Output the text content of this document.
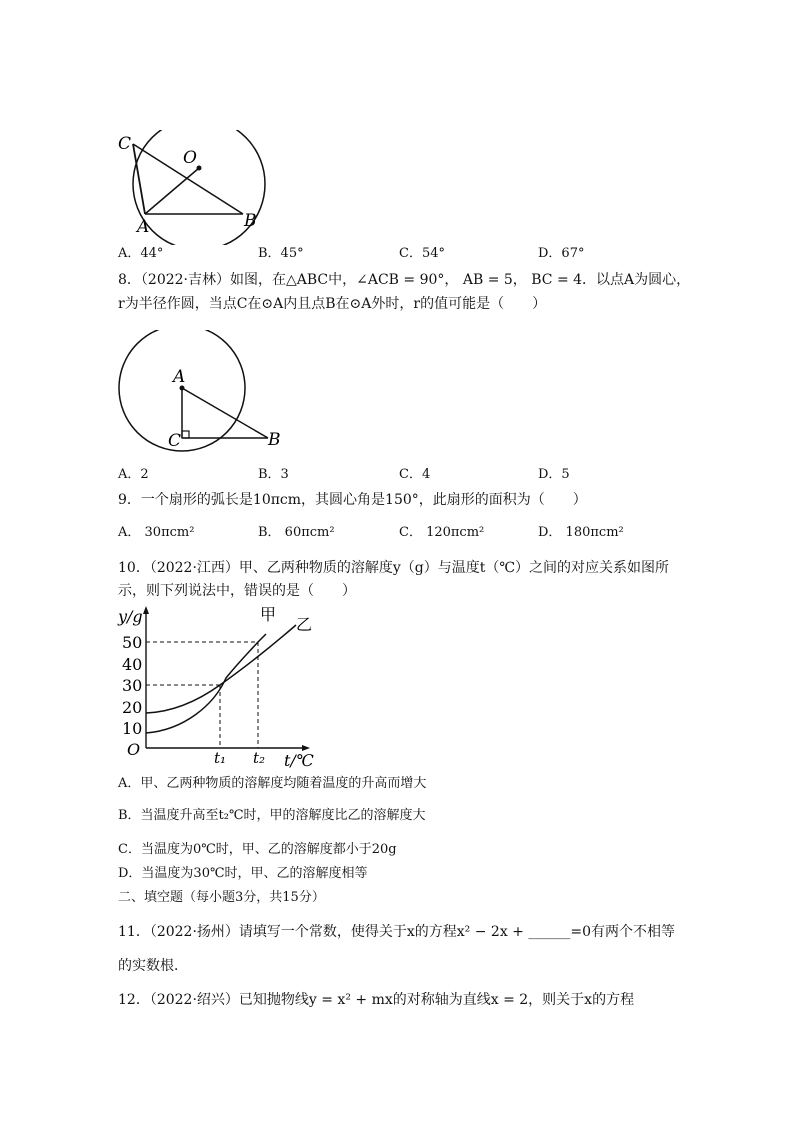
C
O
A	B
A．44°	B．45°	C．54°	D．67°
8．（2022·吉林）如图，在△ABC中，∠ACB = 90°， AB = 5， BC = 4．以点A为圆心，
r为半径作圆，当点C在⊙A内且点B在⊙A外时，r的值可能是（　　）
A
C	B
A．2	B．3	C．4	D．5
9．一个扇形的弧长是10πcm，其圆心角是150°，此扇形的面积为（　　）
A． 30πcm²	B． 60πcm²	C． 120πcm²	D． 180πcm²
10．（2022·江西）甲、乙两种物质的溶解度y（g）与温度t（℃）之间的对应关系如图所
示，则下列说法中，错误的是（　　）
y/g
50
40
30
20
10
O	t₁ t₂ t/℃
甲
乙
A．甲、乙两种物质的溶解度均随着温度的升高而增大
B．当温度升高至t₂℃时，甲的溶解度比乙的溶解度大
C．当温度为0℃时，甲、乙的溶解度都小于20g
D．当温度为30℃时，甲、乙的溶解度相等
二、填空题（每小题3分，共15分）
11．（2022·扬州）请填写一个常数，使得关于x的方程x² − 2x + ______=0有两个不相等
的实数根．
12．（2022·绍兴）已知抛物线y = x² + mx的对称轴为直线x = 2，则关于x的方程
